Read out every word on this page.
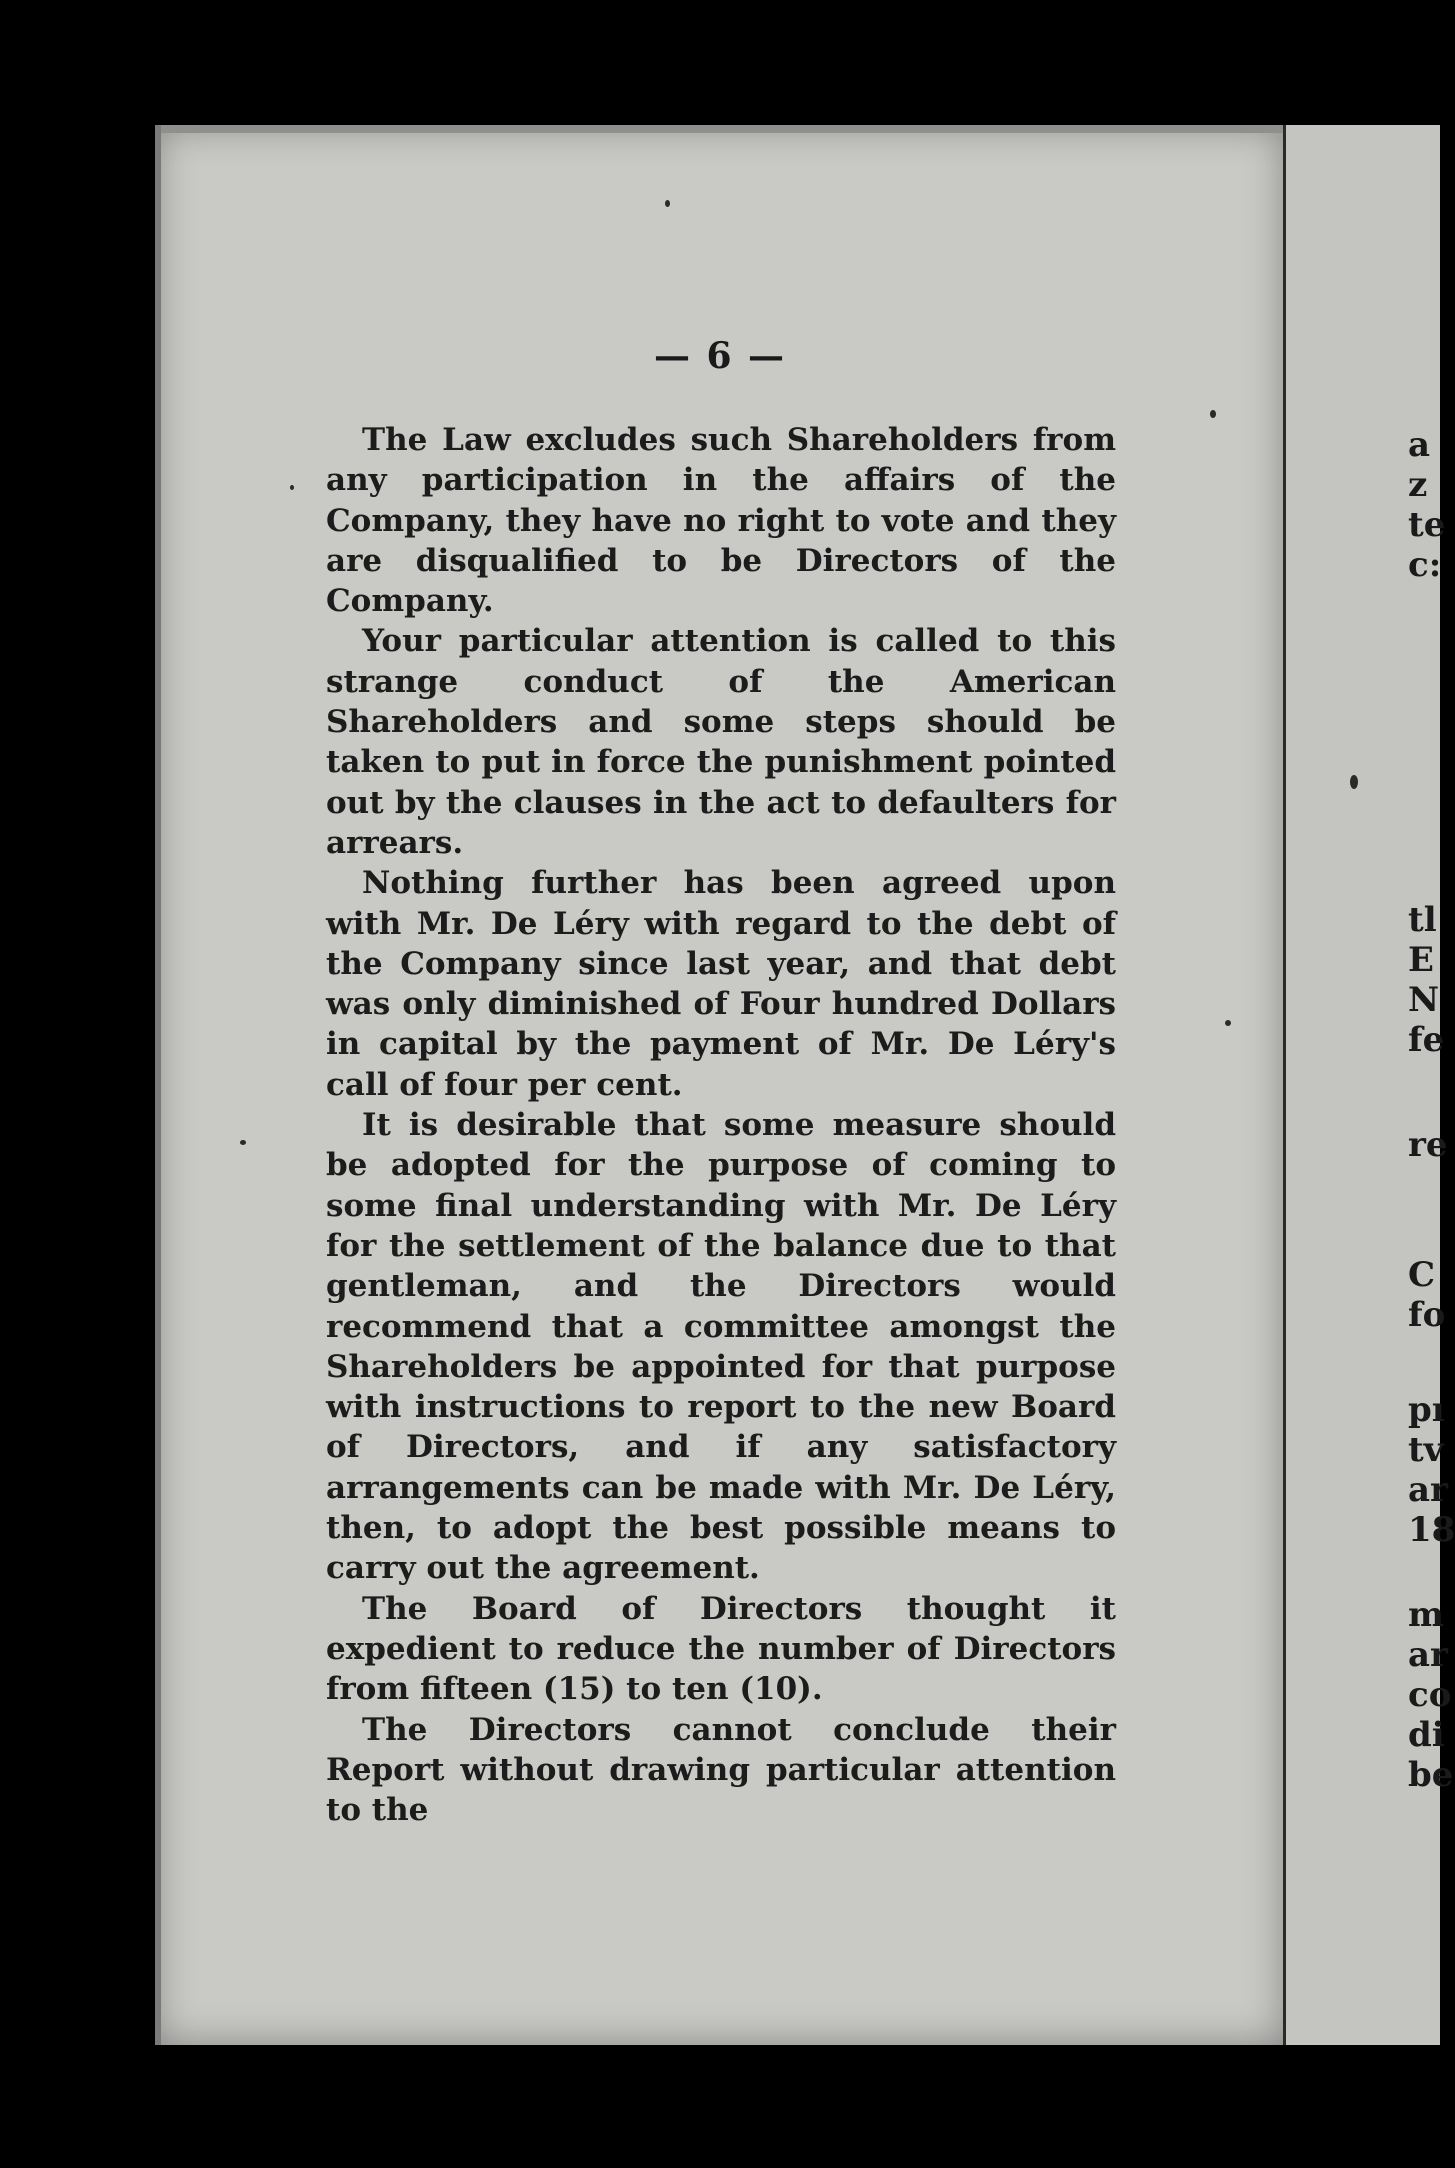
a
z
te
c:
tl
E
N
fe
re
C
fo
pı
tv
ar
18
m
ar
co
di
be
— 6 —

The Law excludes such Shareholders from any participation in the affairs of the Company, they have no right to vote and they are disqualified to be Directors of the Company.

Your particular attention is called to this strange conduct of the American Shareholders and some steps should be taken to put in force the punishment pointed out by the clauses in the act to defaulters for arrears.

Nothing further has been agreed upon with Mr. De Léry with regard to the debt of the Company since last year, and that debt was only diminished of Four hundred Dollars in capital by the payment of Mr. De Léry's call of four per cent.

It is desirable that some measure should be adopted for the purpose of coming to some final understanding with Mr. De Léry for the settlement of the balance due to that gentleman, and the Directors would recommend that a committee amongst the Shareholders be appointed for that purpose with instructions to report to the new Board of Directors, and if any satisfactory arrangements can be made with Mr. De Léry, then, to adopt the best possible means to carry out the agreement.

The Board of Directors thought it expedient to reduce the number of Directors from fifteen (15) to ten (10).

The Directors cannot conclude their Report without drawing particular attention to the
